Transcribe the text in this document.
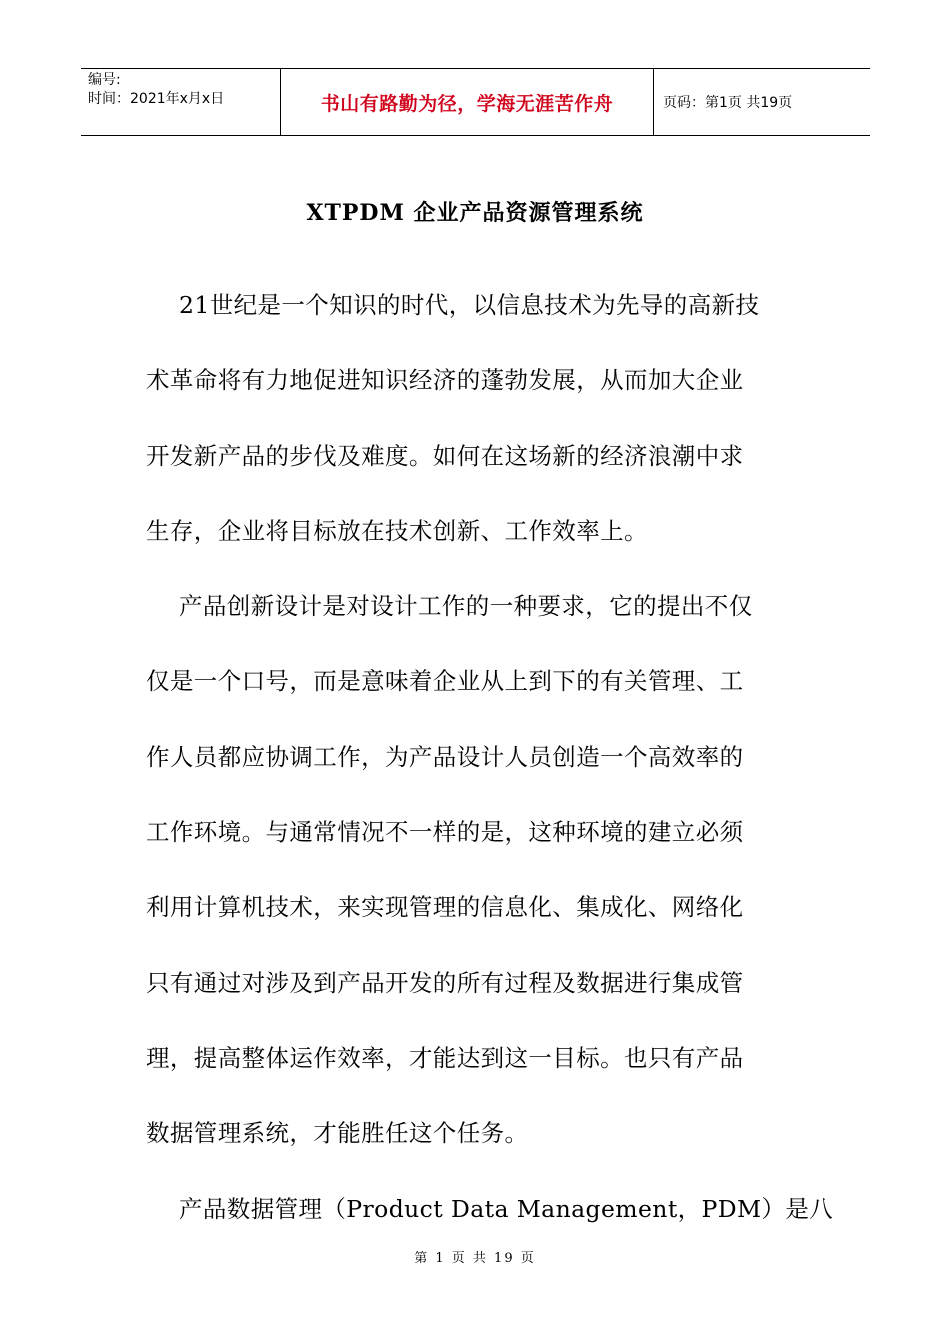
编号:
时间：2021年x月x日	书山有路勤为径，学海无涯苦作舟	页码：第1页 共19页
XTPDM 企业产品资源管理系统
21世纪是一个知识的时代，以信息技术为先导的高新技
术革命将有力地促进知识经济的蓬勃发展，从而加大企业
开发新产品的步伐及难度。如何在这场新的经济浪潮中求
生存，企业将目标放在技术创新、工作效率上。
产品创新设计是对设计工作的一种要求，它的提出不仅
仅是一个口号，而是意味着企业从上到下的有关管理、工
作人员都应协调工作，为产品设计人员创造一个高效率的
工作环境。与通常情况不一样的是，这种环境的建立必须
利用计算机技术，来实现管理的信息化、集成化、网络化
只有通过对涉及到产品开发的所有过程及数据进行集成管
理，提高整体运作效率，才能达到这一目标。也只有产品
数据管理系统，才能胜任这个任务。
产品数据管理（Product Data Management，PDM）是八
第 1 页 共 19 页
